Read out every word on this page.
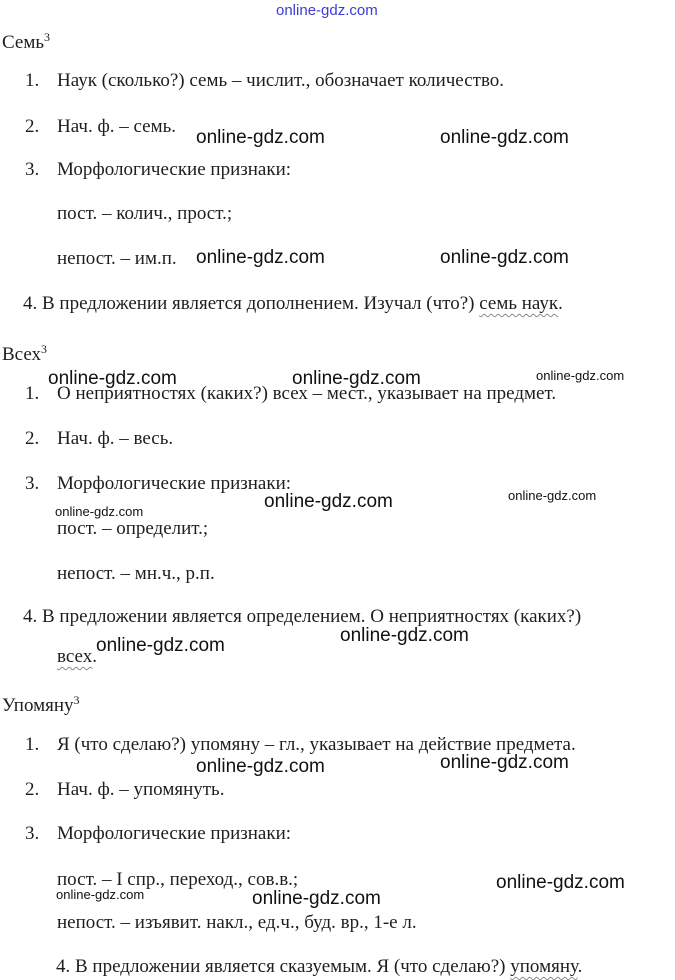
online-gdz.com
Семь$^3$
1. Наук (сколько?) семь – числит., обозначает количество.
2. Нач. ф. – семь.
3. Морфологические признаки:
пост. – колич., прост.;
непост. – им.п.
4. В предложении является дополнением. Изучал (что?) семь наук.
Всех$^3$
1. О неприятностях (каких?) всех – мест., указывает на предмет.
2. Нач. ф. – весь.
3. Морфологические признаки:
пост. – определит.;
непост. – мн.ч., р.п.
4. В предложении является определением. О неприятностях (каких?)
всех.
Упомяну$^3$
1. Я (что сделаю?) упомяну – гл., указывает на действие предмета.
2. Нач. ф. – упомянуть.
3. Морфологические признаки:
пост. – I спр., переход., сов.в.;
непост. – изъявит. накл., ед.ч., буд. вр., 1-е л.
4. В предложении является сказуемым. Я (что сделаю?) упомяну.
online-gdz.com	online-gdz.com
online-gdz.com	online-gdz.com
online-gdz.com	online-gdz.com	online-gdz.com
online-gdz.com	online-gdz.com
online-gdz.com
online-gdz.com
online-gdz.com
online-gdz.com	online-gdz.com
online-gdz.com
online-gdz.com
online-gdz.com
